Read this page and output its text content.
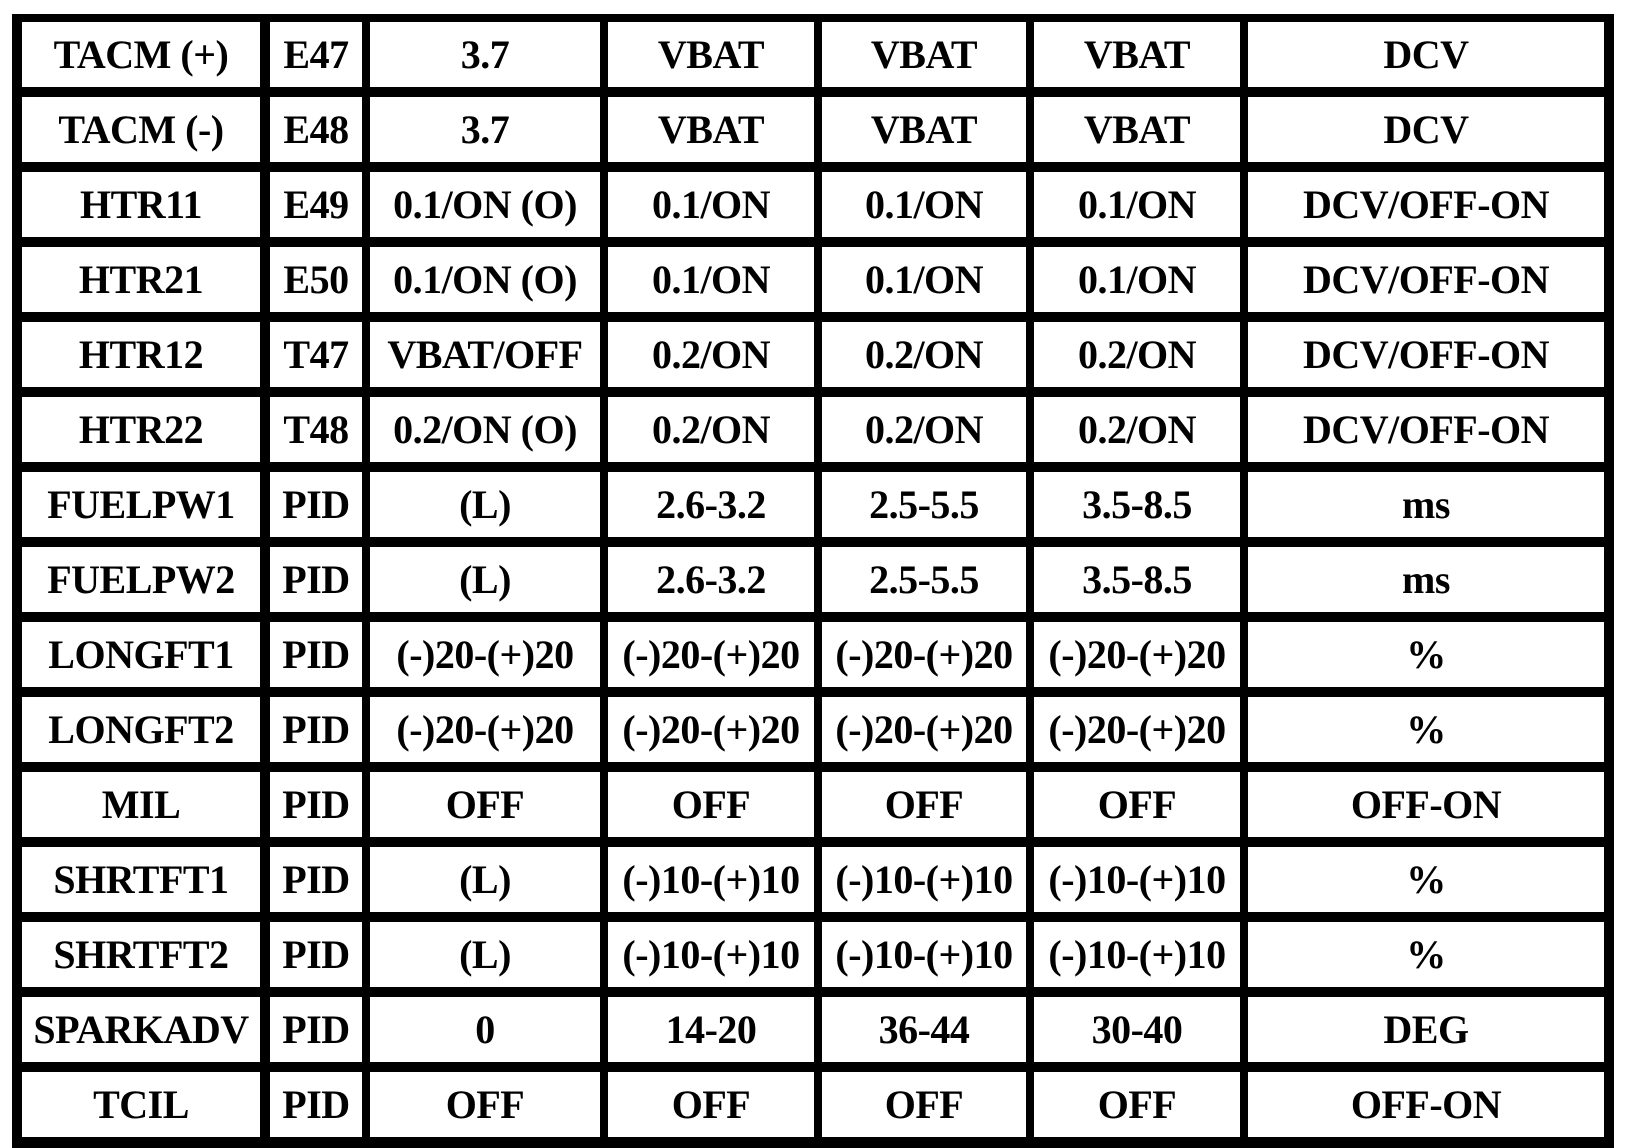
TACM (+)	E47	3.7	VBAT	VBAT	VBAT	DCV

TACM (-)	E48	3.7	VBAT	VBAT	VBAT	DCV

HTR11	E49	0.1/ON (O)	0.1/ON	0.1/ON	0.1/ON	DCV/OFF-ON

HTR21	E50	0.1/ON (O)	0.1/ON	0.1/ON	0.1/ON	DCV/OFF-ON

HTR12	T47	VBAT/OFF	0.2/ON	0.2/ON	0.2/ON	DCV/OFF-ON

HTR22	T48	0.2/ON (O)	0.2/ON	0.2/ON	0.2/ON	DCV/OFF-ON

FUELPW1	PID	(L)	2.6-3.2	2.5-5.5	3.5-8.5	ms

FUELPW2	PID	(L)	2.6-3.2	2.5-5.5	3.5-8.5	ms

LONGFT1	PID	(-)20-(+)20	(-)20-(+)20	(-)20-(+)20	(-)20-(+)20	%

LONGFT2	PID	(-)20-(+)20	(-)20-(+)20	(-)20-(+)20	(-)20-(+)20	%

MIL	PID	OFF	OFF	OFF	OFF	OFF-ON

SHRTFT1	PID	(L)	(-)10-(+)10	(-)10-(+)10	(-)10-(+)10	%

SHRTFT2	PID	(L)	(-)10-(+)10	(-)10-(+)10	(-)10-(+)10	%

SPARKADV	PID	0	14-20	36-44	30-40	DEG

TCIL	PID	OFF	OFF	OFF	OFF	OFF-ON
